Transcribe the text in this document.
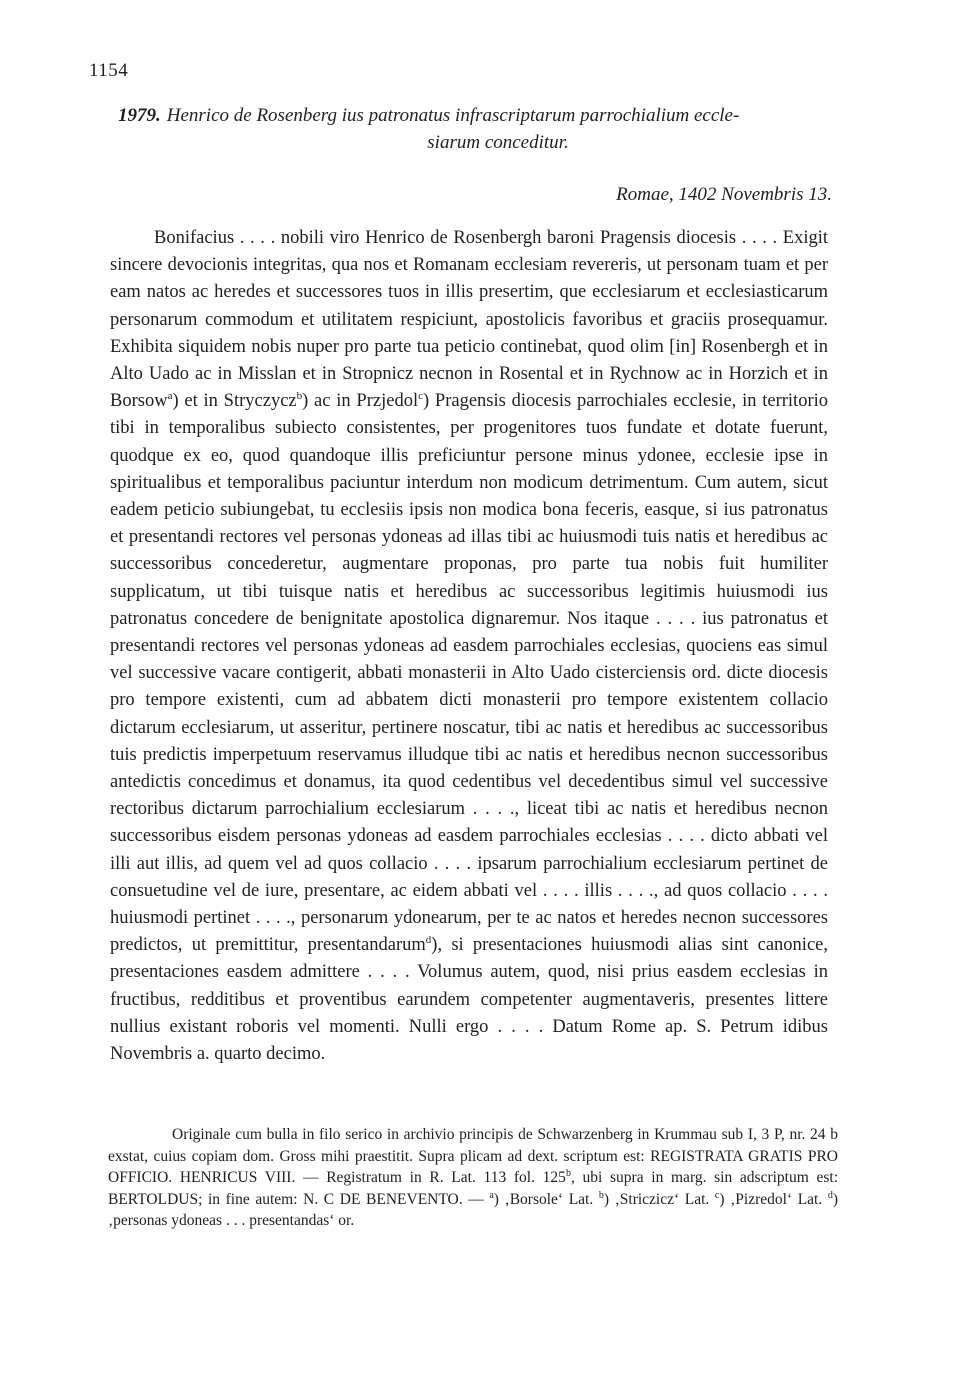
1154
1979. Henrico de Rosenberg ius patronatus infrascriptarum parrochialium eccle-
siarum conceditur.
Romae, 1402 Novembris 13.

Bonifacius . . . . nobili viro Henrico de Rosenbergh baroni Pragensis diocesis . . . . Exigit sincere devocionis integritas, qua nos et Romanam ecclesiam revereris, ut personam tuam et per eam natos ac heredes et successores tuos in illis presertim, que ecclesiarum et ecclesiasticarum personarum commodum et utilitatem respiciunt, apostolicis favoribus et graciis prosequamur. Exhibita siquidem nobis nuper pro parte tua peticio continebat, quod olim [in] Rosenbergh et in Alto Uado ac in Misslan et in Stropnicz necnon in Rosental et in Rychnow ac in Horzich et in Borsow$^a$) et in Stryczycz$^b$) ac in Przjedol$^c$) Pragensis diocesis parrochiales ecclesie, in territorio tibi in temporalibus subiecto consistentes, per progenitores tuos fundate et dotate fuerunt, quodque ex eo, quod quandoque illis preficiuntur persone minus ydonee, ecclesie ipse in spiritualibus et temporalibus paciuntur interdum non modicum detrimentum. Cum autem, sicut eadem peticio subiungebat, tu ecclesiis ipsis non modica bona feceris, easque, si ius patronatus et presentandi rectores vel personas ydoneas ad illas tibi ac huiusmodi tuis natis et heredibus ac successoribus concederetur, augmentare proponas, pro parte tua nobis fuit humiliter supplicatum, ut tibi tuisque natis et heredibus ac successoribus legitimis huiusmodi ius patronatus concedere de benignitate apostolica dignaremur. Nos itaque . . . . ius patronatus et presentandi rectores vel personas ydoneas ad easdem parrochiales ecclesias, quociens eas simul vel successive vacare contigerit, abbati monasterii in Alto Uado cisterciensis ord. dicte diocesis pro tempore existenti, cum ad abbatem dicti monasterii pro tempore existentem collacio dictarum ecclesiarum, ut asseritur, pertinere noscatur, tibi ac natis et heredibus ac successoribus tuis predictis imperpetuum reservamus illudque tibi ac natis et heredibus necnon successoribus antedictis concedimus et donamus, ita quod cedentibus vel decedentibus simul vel successive rectoribus dictarum parrochialium ecclesiarum . . . ., liceat tibi ac natis et heredibus necnon successoribus eisdem personas ydoneas ad easdem parrochiales ecclesias . . . . dicto abbati vel illi aut illis, ad quem vel ad quos collacio . . . . ipsarum parrochialium ecclesiarum pertinet de consuetudine vel de iure, presentare, ac eidem abbati vel . . . . illis . . . ., ad quos collacio . . . . huiusmodi pertinet . . . ., personarum ydonearum, per te ac natos et heredes necnon successores predictos, ut premittitur, presentandarum$^d$), si presentaciones huiusmodi alias sint canonice, presentaciones easdem admittere . . . . Volumus autem, quod, nisi prius easdem ecclesias in fructibus, redditibus et proventibus earundem competenter augmentaveris, presentes littere nullius existant roboris vel momenti. Nulli ergo . . . . Datum Rome ap. S. Petrum idibus Novembris a. quarto decimo.

Originale cum bulla in filo serico in archivio principis de Schwarzenberg in Krummau sub I, 3 P, nr. 24 b exstat, cuius copiam dom. Gross mihi praestitit. Supra plicam ad dext. scriptum est: REGISTRATA GRATIS PRO OFFICIO. HENRICUS VIII. — Registratum in R. Lat. 113 fol. 125$^b$, ubi supra in marg. sin adscriptum est: BERTOLDUS; in fine autem: N. C DE BENEVENTO. — $^a$) ‚Borsole‘ Lat. $^b$) ‚Striczicz‘ Lat. $^c$) ‚Pizredol‘ Lat. $^d$) ‚personas ydoneas . . . presentandas‘ or.
